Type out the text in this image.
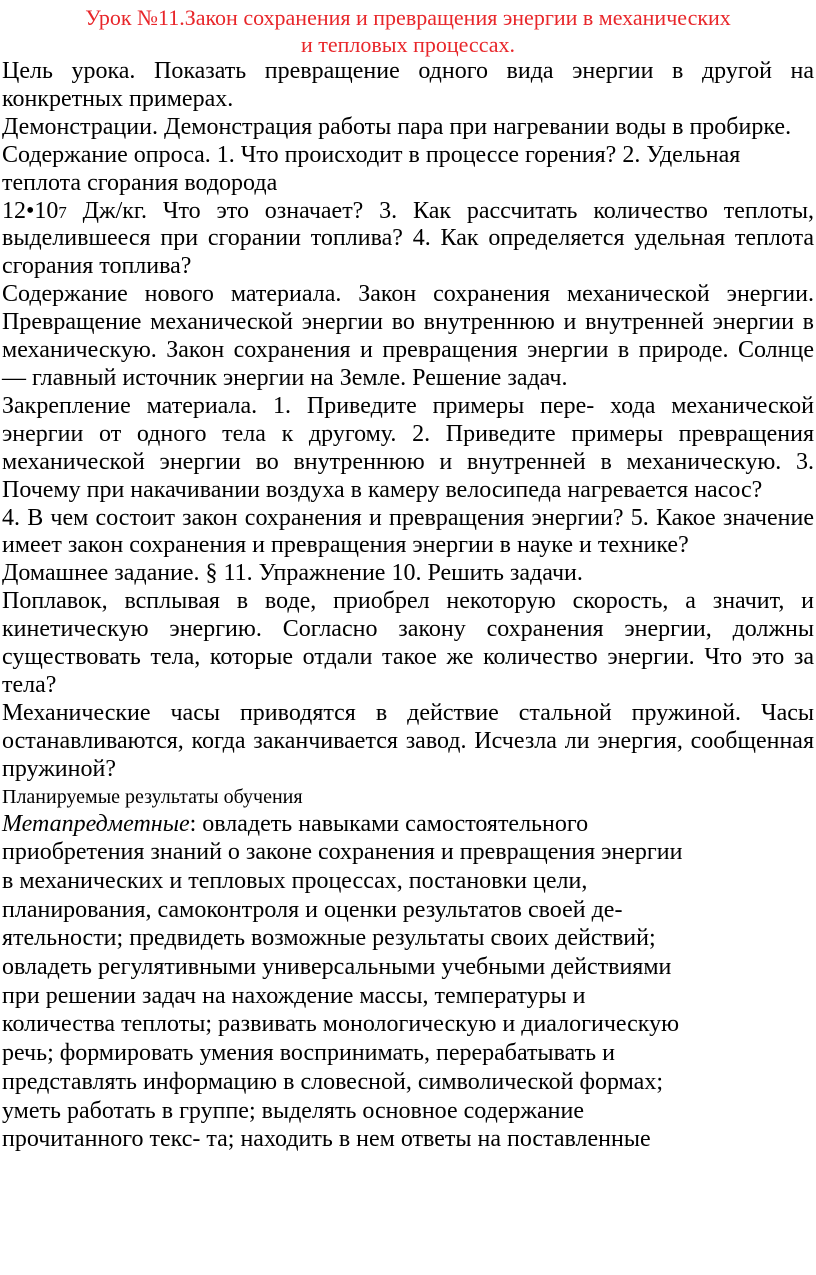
Урок №11.Закон сохранения и превращения энергии в механических
и тепловых процессах.

Цель урока. Показать превращение одного вида энергии в другой на конкретных примерах.

Демонстрации. Демонстрация работы пара при нагревании воды в пробирке.

Содержание опроса. 1. Что происходит в процессе горения? 2. Удельная теплота сгорания водорода

$12•10^7$ Дж/кг. Что это означает? 3. Как рассчитать количество теплоты, выделившееся при сгорании топлива? 4. Как определяется удельная теплота сгорания топлива?

Содержание нового материала. Закон сохранения механической энергии. Превращение механической энергии во внутреннюю и внутренней энергии в механическую. Закон сохранения и превращения энергии в природе. Солнце — главный источник энергии на Земле. Решение задач.

Закрепление материала. 1. Приведите примеры пере- хода механической энергии от одного тела к другому. 2. Приведите примеры превращения механической энергии во внутреннюю и внутренней в механическую. 3. Почему при накачивании воздуха в камеру велосипеда нагревается насос?

4. В чем состоит закон сохранения и превращения энергии? 5. Какое значение имеет закон сохранения и превращения энергии в науке и технике?

Домашнее задание. § 11. Упражнение 10. Решить задачи.

Поплавок, всплывая в воде, приобрел некоторую скорость, а значит, и кинетическую энергию. Согласно закону сохранения энергии, должны существовать тела, которые отдали такое же количество энергии. Что это за тела?

Механические часы приводятся в действие стальной пружиной. Часы останавливаются, когда заканчивается завод. Исчезла ли энергия, сообщенная пружиной?

Планируемые результаты обучения

Метапредметные: овладеть навыками самостоятельного

приобретения знаний о законе сохранения и превращения энергии

в механических и тепловых процессах, постановки цели,

планирования, самоконтроля и оценки результатов своей де-

ятельности; предвидеть возможные результаты своих действий;

овладеть регулятивными универсальными учебными действиями

при решении задач на нахождение массы, температуры и

количества теплоты; развивать монологическую и диалогическую

речь; формировать умения воспринимать, перерабатывать и

представлять информацию в словесной, символической формах;

уметь работать в группе; выделять основное содержание

прочитанного текс- та; находить в нем ответы на поставленные
